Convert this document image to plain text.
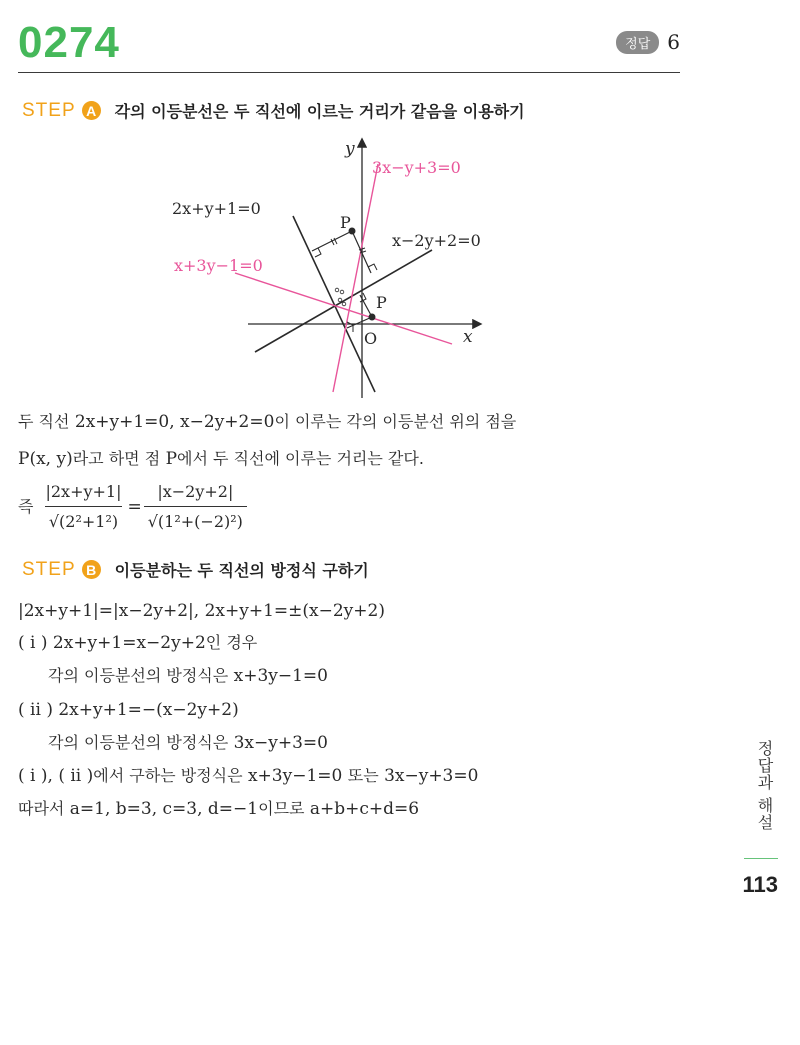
0274	정답 6
STEP A 각의 이등분선은 두 직선에 이르는 거리가 같음을 이용하기
y
x
O
P
P
2x+y+1=0
x−2y+2=0
x+3y−1=0
3x−y+3=0
두 직선 2x+y+1=0, x−2y+2=0이 이루는 각의 이등분선 위의 점을
P(x, y)라고 하면 점 P에서 두 직선에 이루는 거리는 같다.
즉 $\frac{|2x+y+1|}{\text{√(2²+1²)}} = \frac{|x-2y+2|}{\text{√(1²+(−2)²)}}$
STEP B 이등분하는 두 직선의 방정식 구하기
|2x+y+1|=|x−2y+2|, 2x+y+1=±(x−2y+2)
( i ) 2x+y+1=x−2y+2인 경우
각의 이등분선의 방정식은 x+3y−1=0
( ii ) 2x+y+1=−(x−2y+2)
각의 이등분선의 방정식은 3x−y+3=0
( i ), ( ii )에서 구하는 방정식은 x+3y−1=0 또는 3x−y+3=0
따라서 a=1, b=3, c=3, d=−1이므로 a+b+c+d=6	정답과 해설
113
